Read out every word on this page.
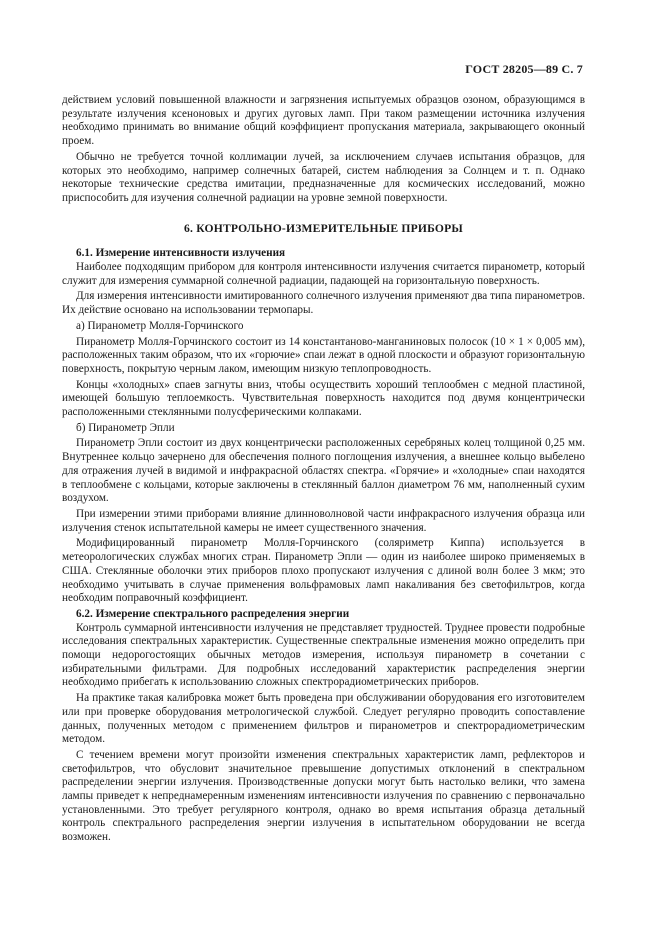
ГОСТ 28205—89 С. 7

действием условий повышенной влажности и загрязнения испытуемых образцов озоном, образующимся в результате излучения ксеноновых и других дуговых ламп. При таком размещении источника излучения необходимо принимать во внимание общий коэффициент пропускания материала, закрывающего оконный проем.

Обычно не требуется точной коллимации лучей, за исключением случаев испытания образцов, для которых это необходимо, например солнечных батарей, систем наблюдения за Солнцем и т. п. Однако некоторые технические средства имитации, предназначенные для космических исследований, можно приспособить для изучения солнечной радиации на уровне земной поверхности.

6. КОНТРОЛЬНО-ИЗМЕРИТЕЛЬНЫЕ ПРИБОРЫ
6.1. Измерение интенсивности излучения

Наиболее подходящим прибором для контроля интенсивности излучения считается пиранометр, который служит для измерения суммарной солнечной радиации, падающей на горизонтальную поверхность.

Для измерения интенсивности имитированного солнечного излучения применяют два типа пиранометров. Их действие основано на использовании термопары.

а) Пиранометр Молля-Горчинского

Пиранометр Молля-Горчинского состоит из 14 константаново-манганиновых полосок (10 × 1 × 0,005 мм), расположенных таким образом, что их «горючие» спаи лежат в одной плоскости и образуют горизонтальную поверхность, покрытую черным лаком, имеющим низкую теплопроводность.

Концы «холодных» спаев загнуты вниз, чтобы осуществить хороший теплообмен с медной пластиной, имеющей большую теплоемкость. Чувствительная поверхность находится под двумя концентрически расположенными стеклянными полусферическими колпаками.

б) Пиранометр Эпли

Пиранометр Эпли состоит из двух концентрически расположенных серебряных колец толщиной 0,25 мм. Внутреннее кольцо зачернено для обеспечения полного поглощения излучения, а внешнее кольцо выбелено для отражения лучей в видимой и инфракрасной областях спектра. «Горячие» и «холодные» спаи находятся в теплообмене с кольцами, которые заключены в стеклянный баллон диаметром 76 мм, наполненный сухим воздухом.

При измерении этими приборами влияние длинноволновой части инфракрасного излучения образца или излучения стенок испытательной камеры не имеет существенного значения.

Модифицированный пиранометр Молля-Горчинского (соляриметр Киппа) используется в метеорологических службах многих стран. Пиранометр Эпли — один из наиболее широко применяемых в США. Стеклянные оболочки этих приборов плохо пропускают излучения с длиной волн более 3 мкм; это необходимо учитывать в случае применения вольфрамовых ламп накаливания без светофильтров, когда необходим поправочный коэффициент.

6.2. Измерение спектрального распределения энергии

Контроль суммарной интенсивности излучения не представляет трудностей. Труднее провести подробные исследования спектральных характеристик. Существенные спектральные изменения можно определить при помощи недорогостоящих обычных методов измерения, используя пиранометр в сочетании с избирательными фильтрами. Для подробных исследований характеристик распределения энергии необходимо прибегать к использованию сложных спектрорадиометрических приборов.

На практике такая калибровка может быть проведена при обслуживании оборудования его изготовителем или при проверке оборудования метрологической службой. Следует регулярно проводить сопоставление данных, полученных методом с применением фильтров и пиранометров и спектрорадиометрическим методом.

С течением времени могут произойти изменения спектральных характеристик ламп, рефлекторов и светофильтров, что обусловит значительное превышение допустимых отклонений в спектральном распределении энергии излучения. Производственные допуски могут быть настолько велики, что замена лампы приведет к непреднамеренным изменениям интенсивности излучения по сравнению с первоначально установленными. Это требует регулярного контроля, однако во время испытания образца детальный контроль спектрального распределения энергии излучения в испытательном оборудовании не всегда возможен.
